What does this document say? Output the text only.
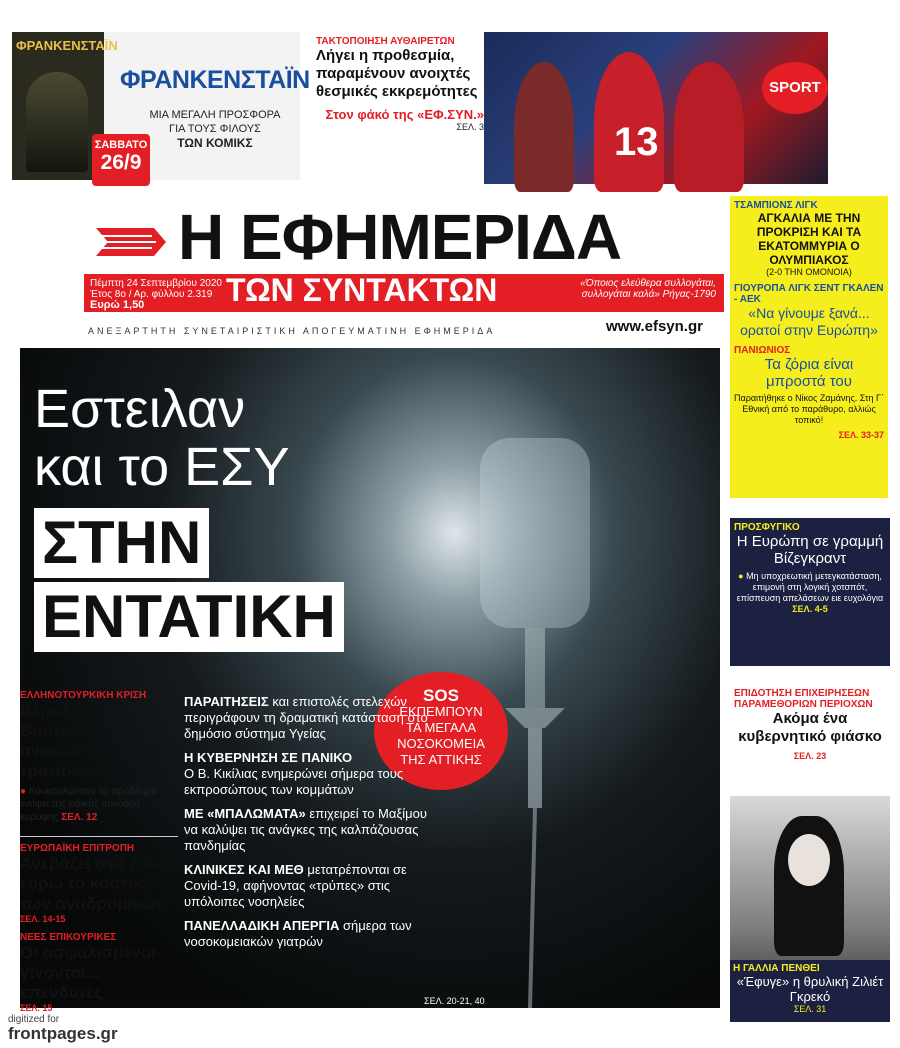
ΦΡΑΝΚΕΝΣΤΑΪΝ
ΦΡΑΝΚΕΝΣΤΑΪΝ
ΜΙΑ ΜΕΓΑΛΗ ΠΡΟΣΦΟΡΑ
ΓΙΑ ΤΟΥΣ ΦΙΛΟΥΣ
ΤΩΝ ΚΟΜΙΚΣ
ΣΑΒΒΑΤΟ
26/9
ΤΑΚΤΟΠΟΙΗΣΗ ΑΥΘΑΙΡΕΤΩΝ
Λήγει η προθεσμία, παραμένουν ανοιχτές θεσμικές εκκρεμότητες
Στον φάκό της «ΕΦ.ΣΥΝ.»
ΣΕΛ. 3	13
SPORT
Η ΕΦΗΜΕΡΙΔΑ
Πέμπτη 24 Σεπτεμβρίου 2020
Έτος 8ο / Αρ. φύλλου 2.319
Ευρώ 1,50	ΤΩΝ ΣΥΝΤΑΚΤΩΝ	«Όποιος ελεύθερα συλλογάται, συλλογάται καλά» Ρήγας-1790
ΑΝΕΞΑΡΤΗΤΗ ΣΥΝΕΤΑΙΡΙΣΤΙΚΗ ΑΠΟΓΕΥΜΑΤΙΝΗ ΕΦΗΜΕΡΙΔΑ	www.efsyn.gr
ΤΣΑΜΠΙΟΝΣ ΛΙΓΚ
ΑΓΚΑΛΙΑ ΜΕ ΤΗΝ ΠΡΟΚΡΙΣΗ ΚΑΙ ΤΑ ΕΚΑΤΟΜΜΥΡΙΑ Ο ΟΛΥΜΠΙΑΚΟΣ
(2-0 ΤΗΝ ΟΜΟΝΟΙΑ)
ΓΙΟΥΡΟΠΑ ΛΙΓΚ ΣΕΝΤ ΓΚΑΛΕΝ - ΑΕΚ
«Να γίνουμε ξανά... ορατοί στην Ευρώπη»
ΠΑΝΙΩΝΙΟΣ
Τα ζόρια είναι μπροστά του
Παραιτήθηκε ο Νίκος Ζαμάνης. Στη Γ΄ Εθνική από το παράθυρο, αλλιώς τοπικό!
ΣΕΛ. 33-37
Εστειλαν
και το ΕΣΥ
ΣΤΗΝ
ΕΝΤΑΤΙΚΗ
SOS
ΕΚΠΕΜΠΟΥΝ
ΤΑ ΜΕΓΑΛΑ
ΝΟΣΟΚΟΜΕΙΑ
ΤΗΣ ΑΤΤΙΚΗΣ

ΠΑΡΑΙΤΗΣΕΙΣ και επιστολές στελεχών περιγράφουν τη δραματική κατάσταση στο δημόσιο σύστημα Υγείας

Η ΚΥΒΕΡΝΗΣΗ ΣΕ ΠΑΝΙΚΟ
Ο Β. Κικίλιας ενημερώνει σήμερα τους εκπροσώπους των κομμάτων

ΜΕ «ΜΠΑΛΩΜΑΤΑ» επιχειρεί το Μαξίμου να καλύψει τις ανάγκες της καλπάζουσας πανδημίας

ΚΛΙΝΙΚΕΣ ΚΑΙ ΜΕΘ μετατρέπονται σε Covid-19, αφήνοντας «τρύπες» στις υπόλοιπες νοσηλείες

ΠΑΝΕΛΛΑΔΙΚΗ ΑΠΕΡΓΙΑ σήμερα των νοσοκομειακών γιατρών

ΣΕΛ. 20-21, 40
ΕΛΛΗΝΟΤΟΥΡΚΙΚΗ ΚΡΙΣΗ
Βερολίνο και Βρυξέλλες ανακατεύουν την τράπουλα
● Κουκουλώνουν το πρόβλημα ενόψει της ειδικής συνόδου κορυφής ΣΕΛ. 12
ΕΥΡΩΠΑΪΚΗ ΕΠΙΤΡΟΠΗ
Ανεβάζει στα 2 δισ. ευρώ το κόστος των αναδρομικών
ΣΕΛ. 14-15
ΝΕΕΣ ΕΠΙΚΟΥΡΙΚΕΣ
Οι ασφαλισμένοι γίνονται... επενδυτές
ΣΕΛ. 15
ΠΡΟΣΦΥΓΙΚΟ
Η Ευρώπη σε γραμμή Βίζεγκραντ
● Μη υποχρεωτική μετεγκατάσταση, επιμονή στη λογική χοτσπότ, επίσπευση απελάσεων ειε ευχολόγια ΣΕΛ. 4-5
ΕΠΙΔΟΤΗΣΗ ΕΠΙΧΕΙΡΗΣΕΩΝ ΠΑΡΑΜΕΘΟΡΙΩΝ ΠΕΡΙΟΧΩΝ
Ακόμα ένα κυβερνητικό φιάσκο ΣΕΛ. 23
Η ΓΑΛΛΙΑ ΠΕΝΘΕΙ
«Έφυγε» η θρυλική Ζιλιέτ Γκρεκό
ΣΕΛ. 31
digitized for
frontpages.gr
